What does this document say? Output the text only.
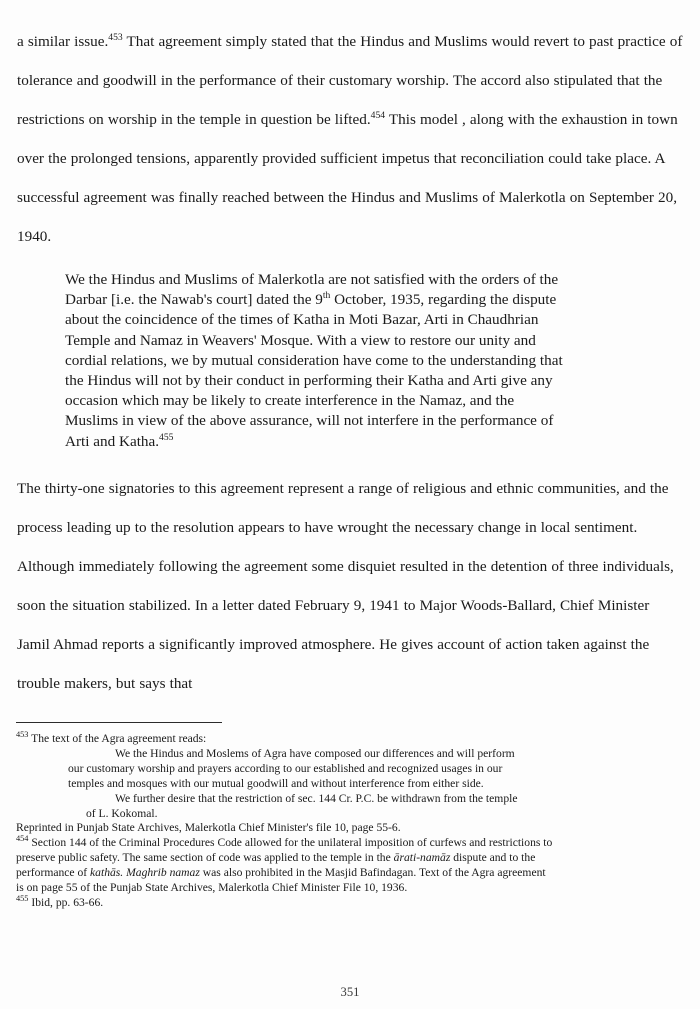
a similar issue.$^{453}$ That agreement simply stated that the Hindus and Muslims would revert to past practice of tolerance and goodwill in the performance of their customary worship. The accord also stipulated that the restrictions on worship in the temple in question be lifted.$^{454}$ This model , along with the exhaustion in town over the prolonged tensions, apparently provided sufficient impetus that reconciliation could take place. A successful agreement was finally reached between the Hindus and Muslims of Malerkotla on September 20, 1940.

We the Hindus and Muslims of Malerkotla are not satisfied with the orders of the
Darbar [i.e. the Nawab's court] dated the 9th October, 1935, regarding the dispute
about the coincidence of the times of Katha in Moti Bazar, Arti in Chaudhrian
Temple and Namaz in Weavers' Mosque. With a view to restore our unity and
cordial relations, we by mutual consideration have come to the understanding that
the Hindus will not by their conduct in performing their Katha and Arti give any
occasion which may be likely to create interference in the Namaz, and the
Muslims in view of the above assurance, will not interfere in the performance of
Arti and Katha.$^{455}$

The thirty-one signatories to this agreement represent a range of religious and ethnic communities, and the process leading up to the resolution appears to have wrought the necessary change in local sentiment. Although immediately following the agreement some disquiet resulted in the detention of three individuals, soon the situation stabilized. In a letter dated February 9, 1941 to Major Woods-Ballard, Chief Minister Jamil Ahmad reports a significantly improved atmosphere. He gives account of action taken against the trouble makers, but says that

$^{453}$ The text of the Agra agreement reads:
We the Hindus and Moslems of Agra have composed our differences and will perform
our customary worship and prayers according to our established and recognized usages in our
temples and mosques with our mutual goodwill and without interference from either side.
We further desire that the restriction of sec. 144 Cr. P.C. be withdrawn from the temple
of L. Kokomal.
Reprinted in Punjab State Archives, Malerkotla Chief Minister's file 10, page 55-6.
$^{454}$ Section 144 of the Criminal Procedures Code allowed for the unilateral imposition of curfews and restrictions to
preserve public safety. The same section of code was applied to the temple in the ārati-namāz dispute and to the
performance of kathās. Maghrib namaz was also prohibited in the Masjid Bafindagan. Text of the Agra agreement
is on page 55 of the Punjab State Archives, Malerkotla Chief Minister File 10, 1936.
$^{455}$ Ibid, pp. 63-66.
351
